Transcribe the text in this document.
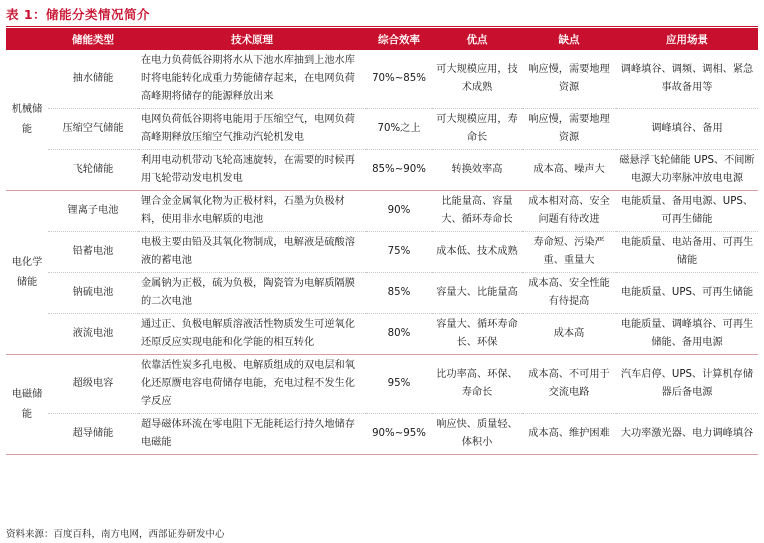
表 1：储能分类情况简介
	储能类型	技术原理	综合效率	优点	缺点	应用场景
机械储能	抽水储能	在电力负荷低谷期将水从下池水库抽到上池水库时将电能转化成重力势能储存起来，在电网负荷高峰期将储存的能源释放出来	70%~85%	可大规模应用，技术成熟	响应慢，需要地理资源	调峰填谷、调频、调相、紧急事故备用等
	压缩空气储能	电网负荷低谷期将电能用于压缩空气，电网负荷高峰期释放压缩空气推动汽轮机发电	70%之上	可大规模应用，寿命长	响应慢，需要地理资源	调峰填谷、备用
	飞轮储能	利用电动机带动飞轮高速旋转，在需要的时候再用飞轮带动发电机发电	85%~90%	转换效率高	成本高、噪声大	磁悬浮飞轮储能 UPS、不间断电源大功率脉冲放电电源
电化学储能	锂离子电池	锂合金金属氧化物为正极材料，石墨为负极材料，使用非水电解质的电池	90%	比能量高、容量大、循环寿命长	成本相对高、安全问题有待改进	电能质量、备用电源、UPS、可再生储能
	铅蓄电池	电极主要由铅及其氧化物制成，电解液是硫酸溶液的蓄电池	75%	成本低、技术成熟	寿命短、污染严重、重量大	电能质量、电站备用、可再生储能
	钠硫电池	金属钠为正极，硫为负极，陶瓷管为电解质隔膜的二次电池	85%	容量大、比能量高	成本高、安全性能有待提高	电能质量、UPS、可再生储能
	液流电池	通过正、负极电解质溶液活性物质发生可逆氧化还原反应实现电能和化学能的相互转化	80%	容量大、循环寿命长、环保	成本高	电能质量、调峰填谷、可再生储能、备用电源
电磁储能	超级电容	依靠活性炭多孔电极、电解质组成的双电层和氧化还原赝电容电荷储存电能，充电过程不发生化学反应	95%	比功率高、环保、寿命长	成本高、不可用于交流电路	汽车启停、UPS、计算机存储器后备电源
	超导储能	超导磁体环流在零电阻下无能耗运行持久地储存电磁能	90%~95%	响应快、质量轻、体积小	成本高、维护困难	大功率激光器、电力调峰填谷
资料来源：百度百科，南方电网，西部证券研发中心
